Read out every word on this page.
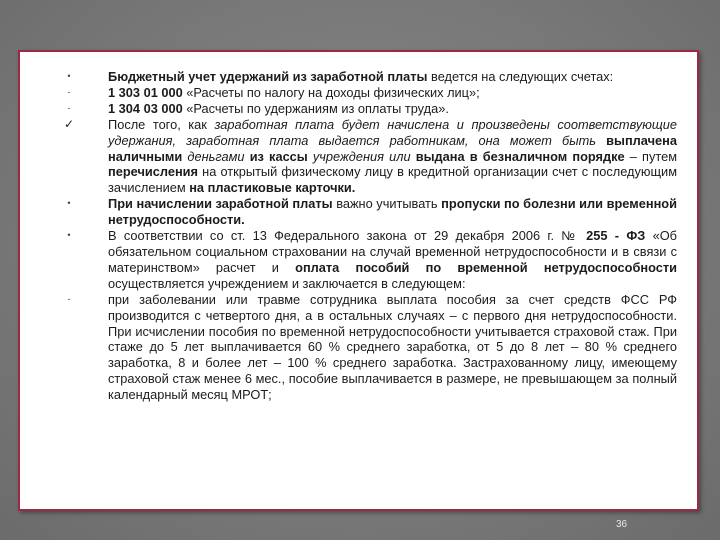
•	Бюджетный учет удержаний из заработной платы ведется на следующих счетах:
-	1 303 01 000 «Расчеты по налогу на доходы физических лиц»;
-	1 304 03 000 «Расчеты по удержаниям из оплаты труда».
✓	После того, как заработная плата будет начислена и произведены соответствующие удержания, заработная плата выдается работникам, она может быть выплачена наличными деньгами из кассы учреждения или выдана в безналичном порядке – путем перечисления на открытый физическому лицу в кредитной организации счет с последующим зачислением на пластиковые карточки.
•	При начислении заработной платы важно учитывать пропуски по болезни или временной нетрудоспособности.
•	В соответствии со ст. 13 Федерального закона от 29 декабря 2006 г. № 255 - ФЗ «Об обязательном социальном страховании на случай временной нетрудоспособности и в связи с материнством» расчет и оплата пособий по временной нетрудоспособности осуществляется учреждением и заключается в следующем:
-	при заболевании или травме сотрудника выплата пособия за счет средств ФСС РФ производится с четвертого дня, а в остальных случаях – с первого дня нетрудоспособности. При исчислении пособия по временной нетрудоспособности учитывается страховой стаж. При стаже до 5 лет выплачивается 60 % среднего заработка, от 5 до 8 лет – 80 % среднего заработка, 8 и более лет – 100 % среднего заработка. Застрахованному лицу, имеющему страховой стаж менее 6 мес., пособие выплачивается в размере, не превышающем за полный календарный месяц МРОТ;
36
